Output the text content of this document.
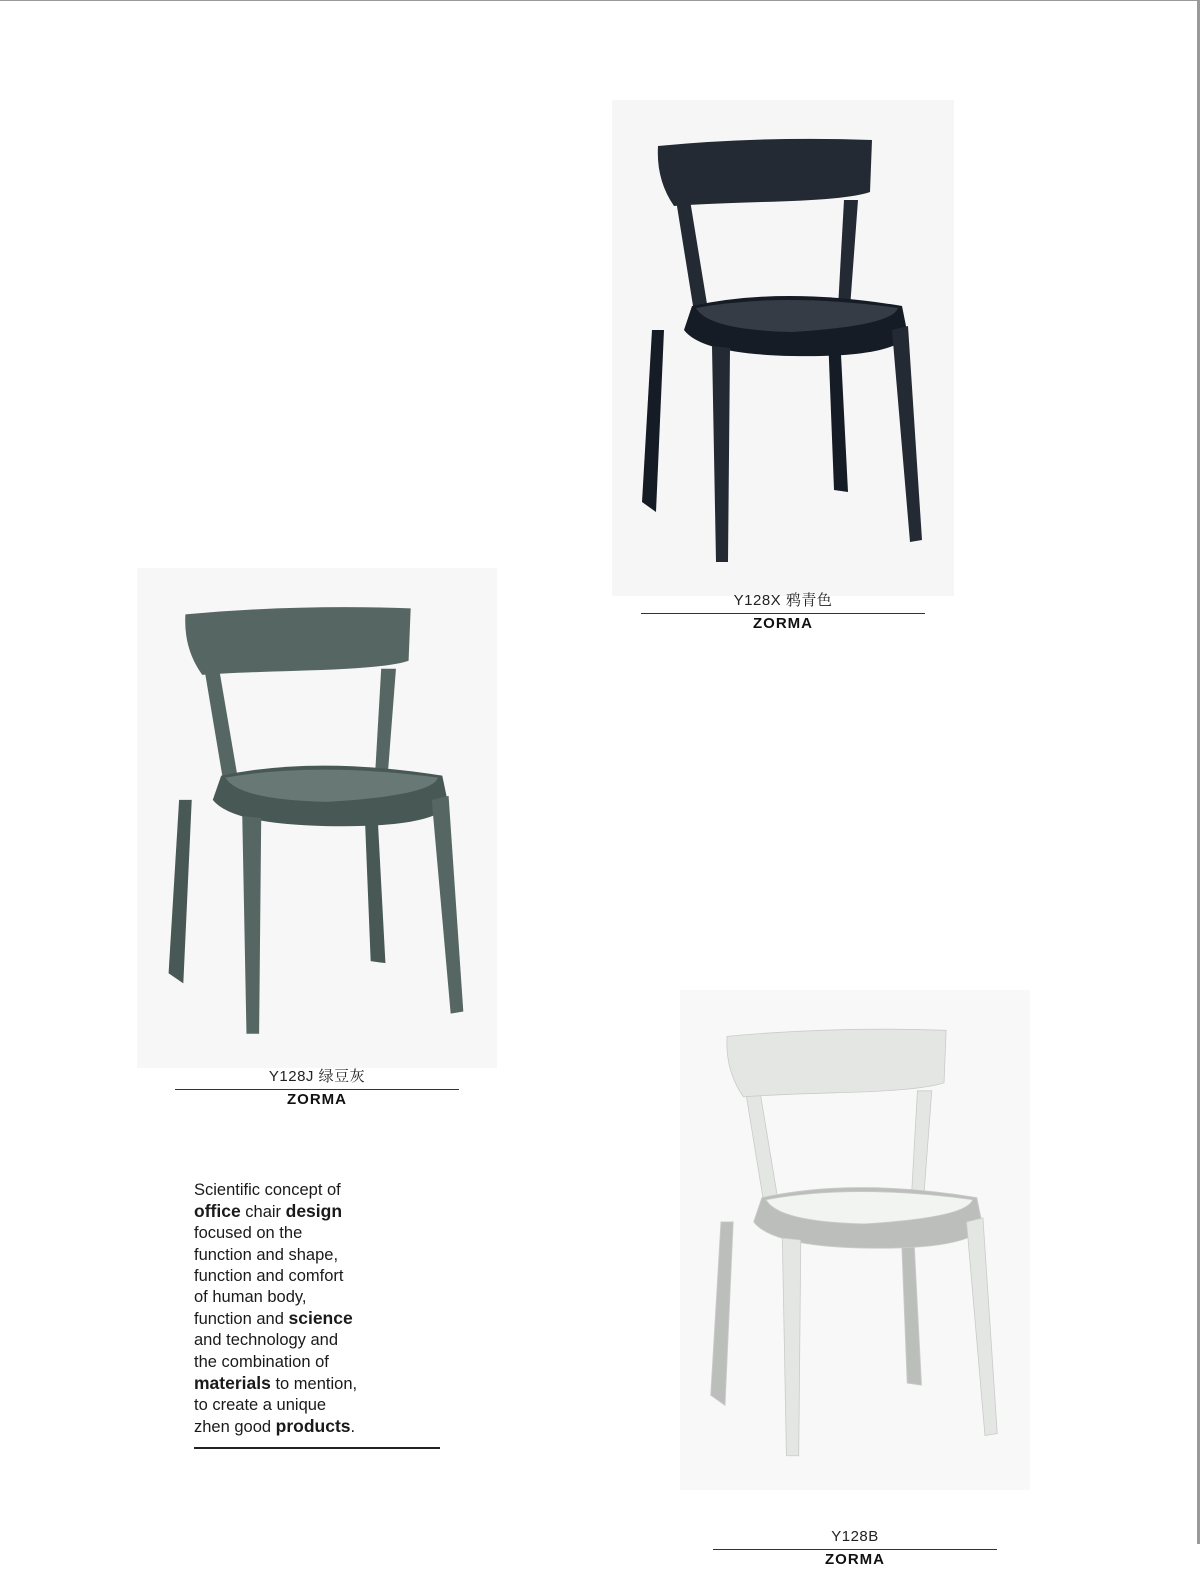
Y128X 鸦青色
ZORMA
Y128J 绿豆灰
ZORMA
Y128B
ZORMA

Scientific concept of

office chair design

focused on the

function and shape,

function and comfort

of human body,

function and science

and technology and

the combination of

materials to mention,

to create a unique

zhen good products.
